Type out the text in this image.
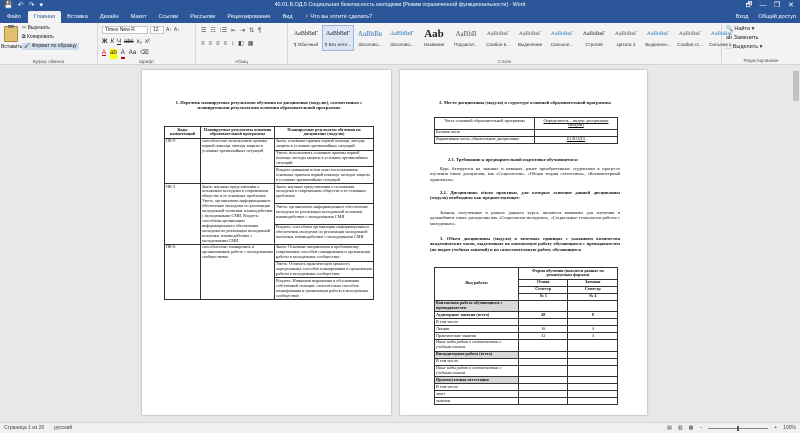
💾 ↶ ↷ ▾	40.01.В.ОД.5 Социальная безопасность молодежи [Режим ограниченной функциональности] - Word	🗗	—	❐	✕
Файл	Главная	Вставка	Дизайн	Макет	Ссылки	Рассылки	Рецензирование	Вид	♀ Что вы хотите сделать?	Вход Общий доступ
Вставить
✂ Вырезать
⧉ Копировать
🖌 Формат по образцу
Буфер обмена
Times New R	12	A↑ A↓
Ж К Ч abc x₂ x²
A ab A Aa ⌫
Шрифт
☰ ☷ ⁝☰ ⇤ ⇥ ⇅ ¶
≡ ≡ ≡ ≡ ↕ ◧ ▦
Абзац	Стили
AaBbВвГ
¶ Обычный
AaBbВвГ
¶ Без инте...
AaBbВв
Заголово...
AaBbВвГ
Заголово...
Aab
Название
AaBbВ
Подзагол...
AaBbВвГ
Слабое в...
AaBbВвГ
Выделение
AaBbВвГ
Сильное...
AaBbВвГ
Строгий
AaBbВвГ
Цитата 2
AaBbВвГ
Выделенн...
AaBbВвГ
Слабая сс...
AaBbВвГ
Сильная с...
🔍 Найти ▾
ab Заменить
⬚ Выделить ▾
Редактирование
1. Перечень планируемых результатов обучения по дисциплине (модулю), соотнесенных с планируемыми результатами освоения образовательной программы
Коды компетенций	Планируемые результаты освоения образовательной программы	Планируемые результаты обучения по дисциплине (модулю)
ОК-9	способностью использовать приемы первой помощи, методы защиты в условиях чрезвычайных ситуаций	Знать: основные приемы первой помощи, методы защиты в условиях чрезвычайных ситуаций
		Уметь: использовать основные приемы первой помощи, методы защиты в условиях чрезвычайных ситуаций
		Владеть навыками и/или опыт использования основных приемов первой помощи, методов защиты в условиях чрезвычайных ситуаций
ПК-3	Знать: научные представления о положении молодежи в современном обществе и ее основных проблемах. Уметь: организовать информационное обеспечение молодежи по реализации молодежной политики, взаимодействие с молодежными СМИ. Владеть: способами организации информационного обеспечения молодежи по реализации молодежной политики, взаимодействие с молодежными СМИ	Знать: научные представления о положении молодежи в современном обществе и ее основных проблемах
		Уметь: организовать информационное обеспечение молодежи по реализации молодежной политики, взаимодействие с молодежными СМИ
		Владеть: способами организации информационного обеспечения молодежи по реализации молодежной политики, взаимодействие с молодежными СМИ
ПК-6	способностью планировать и организовывать работу с молодежными сообществами	Знать: Основные направления и проблематику современных способов планирования и организации работы в молодежных сообществах
		Уметь: Отличать практическую ценность определенных способов планирования и организации работы в молодежных сообществах
		Владеть: Навыками выражения и обоснования собственной позиции, относительно способов планирования и организации работы в молодежных сообществах
2. Место дисциплины (модуля) в структуре основной образовательной программы
Часть основной образовательной программы	Определитель – индекс дисциплины (модуля)
Базовая часть	
Вариативная часть, обязательные дисциплины	Б1.В.ОД.5
2.1. Требования к предварительной подготовке обучающегося:
Курс базируется на знаниях и навыках, ранее приобретенных студентами в процессе изучения таких дисциплин, как «Социология», «Общая теория статистики», «Компьютерный практикум».
2.2. Дисциплины и/или практики, для которых освоение данной дисциплины (модуля) необходимо как предшествующее:
Знания, полученные в рамках данного курса, являются важными для изучения в дальнейшем таких дисциплин как «Социология молодежи», «Социальные технологии работы с молодежью».
3. Объем дисциплины (модуля) в зачетных единицах с указанием количества академических часов, выделенных на контактную работу обучающихся с преподавателем (по видам учебных занятий) и на самостоятельную работу обучающихся
Вид работы	Форма обучения (вносятся данные по реализуемым формам)	
	Очная	Заочная
	Семестр	Семестр
	№ 1	№ 4
Контактная работа обучающихся с преподавателем		
Аудиторные занятия (всего)	48	8
В том числе:		
Лекции	16	4
Практические занятия	32	4
Иные виды работ в соответствии с учебным планом		
Внеаудиторная работа (всего)		
В том числе:		
Иные виды работ в соответствии с учебным планом		
Промежуточная аттестация		
В том числе:		
зачет		
экзамен		
Страница 1 из 20 русский	▤ ▥ ▦ −	+ 100%
